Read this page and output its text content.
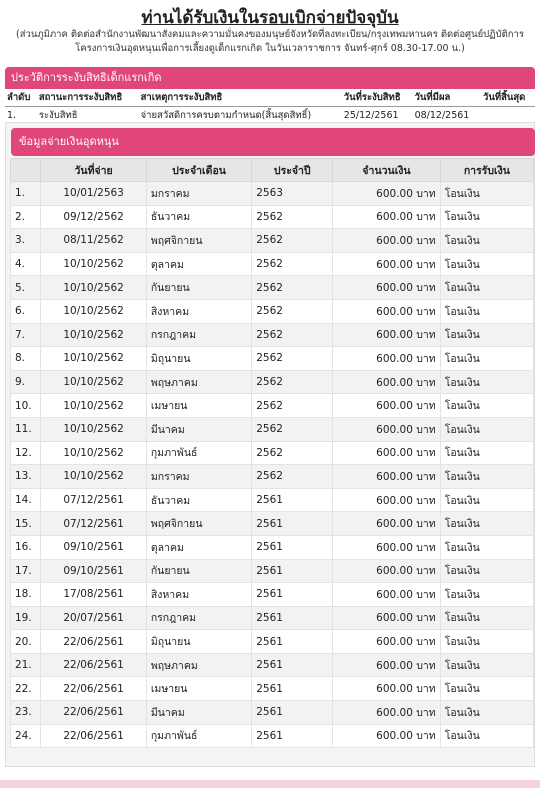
ท่านได้รับเงินในรอบเบิกจ่ายปัจจุบัน
(ส่วนภูมิภาค ติดต่อสำนักงานพัฒนาสังคมและความมั่นคงของมนุษย์จังหวัดที่ลงทะเบียน/กรุงเทพมหานคร ติดต่อศูนย์ปฏิบัติการโครงการเงินอุดหนุนเพื่อการเลี้ยงดูเด็กแรกเกิด ในวันเวลาราชการ จันทร์-ศุกร์ 08.30-17.00 น.)
ประวัติการระงับสิทธิเด็กแรกเกิด
ลำดับ	สถานะการระงับสิทธิ	สาเหตุการระงับสิทธิ	วันที่ระงับสิทธิ	วันที่มีผล	วันที่สิ้นสุด
1.	ระงับสิทธิ	จ่ายสวัสดิการครบตามกำหนด(สิ้นสุดสิทธิ์)	25/12/2561	08/12/2561	
ข้อมูลจ่ายเงินอุดหนุน
	วันที่จ่าย	ประจำเดือน	ประจำปี	จำนวนเงิน	การรับเงิน
1.	10/01/2563	มกราคม	2563	600.00 บาท	โอนเงิน
2.	09/12/2562	ธันวาคม	2562	600.00 บาท	โอนเงิน
3.	08/11/2562	พฤศจิกายน	2562	600.00 บาท	โอนเงิน
4.	10/10/2562	ตุลาคม	2562	600.00 บาท	โอนเงิน
5.	10/10/2562	กันยายน	2562	600.00 บาท	โอนเงิน
6.	10/10/2562	สิงหาคม	2562	600.00 บาท	โอนเงิน
7.	10/10/2562	กรกฎาคม	2562	600.00 บาท	โอนเงิน
8.	10/10/2562	มิถุนายน	2562	600.00 บาท	โอนเงิน
9.	10/10/2562	พฤษภาคม	2562	600.00 บาท	โอนเงิน
10.	10/10/2562	เมษายน	2562	600.00 บาท	โอนเงิน
11.	10/10/2562	มีนาคม	2562	600.00 บาท	โอนเงิน
12.	10/10/2562	กุมภาพันธ์	2562	600.00 บาท	โอนเงิน
13.	10/10/2562	มกราคม	2562	600.00 บาท	โอนเงิน
14.	07/12/2561	ธันวาคม	2561	600.00 บาท	โอนเงิน
15.	07/12/2561	พฤศจิกายน	2561	600.00 บาท	โอนเงิน
16.	09/10/2561	ตุลาคม	2561	600.00 บาท	โอนเงิน
17.	09/10/2561	กันยายน	2561	600.00 บาท	โอนเงิน
18.	17/08/2561	สิงหาคม	2561	600.00 บาท	โอนเงิน
19.	20/07/2561	กรกฎาคม	2561	600.00 บาท	โอนเงิน
20.	22/06/2561	มิถุนายน	2561	600.00 บาท	โอนเงิน
21.	22/06/2561	พฤษภาคม	2561	600.00 บาท	โอนเงิน
22.	22/06/2561	เมษายน	2561	600.00 บาท	โอนเงิน
23.	22/06/2561	มีนาคม	2561	600.00 บาท	โอนเงิน
24.	22/06/2561	กุมภาพันธ์	2561	600.00 บาท	โอนเงิน
